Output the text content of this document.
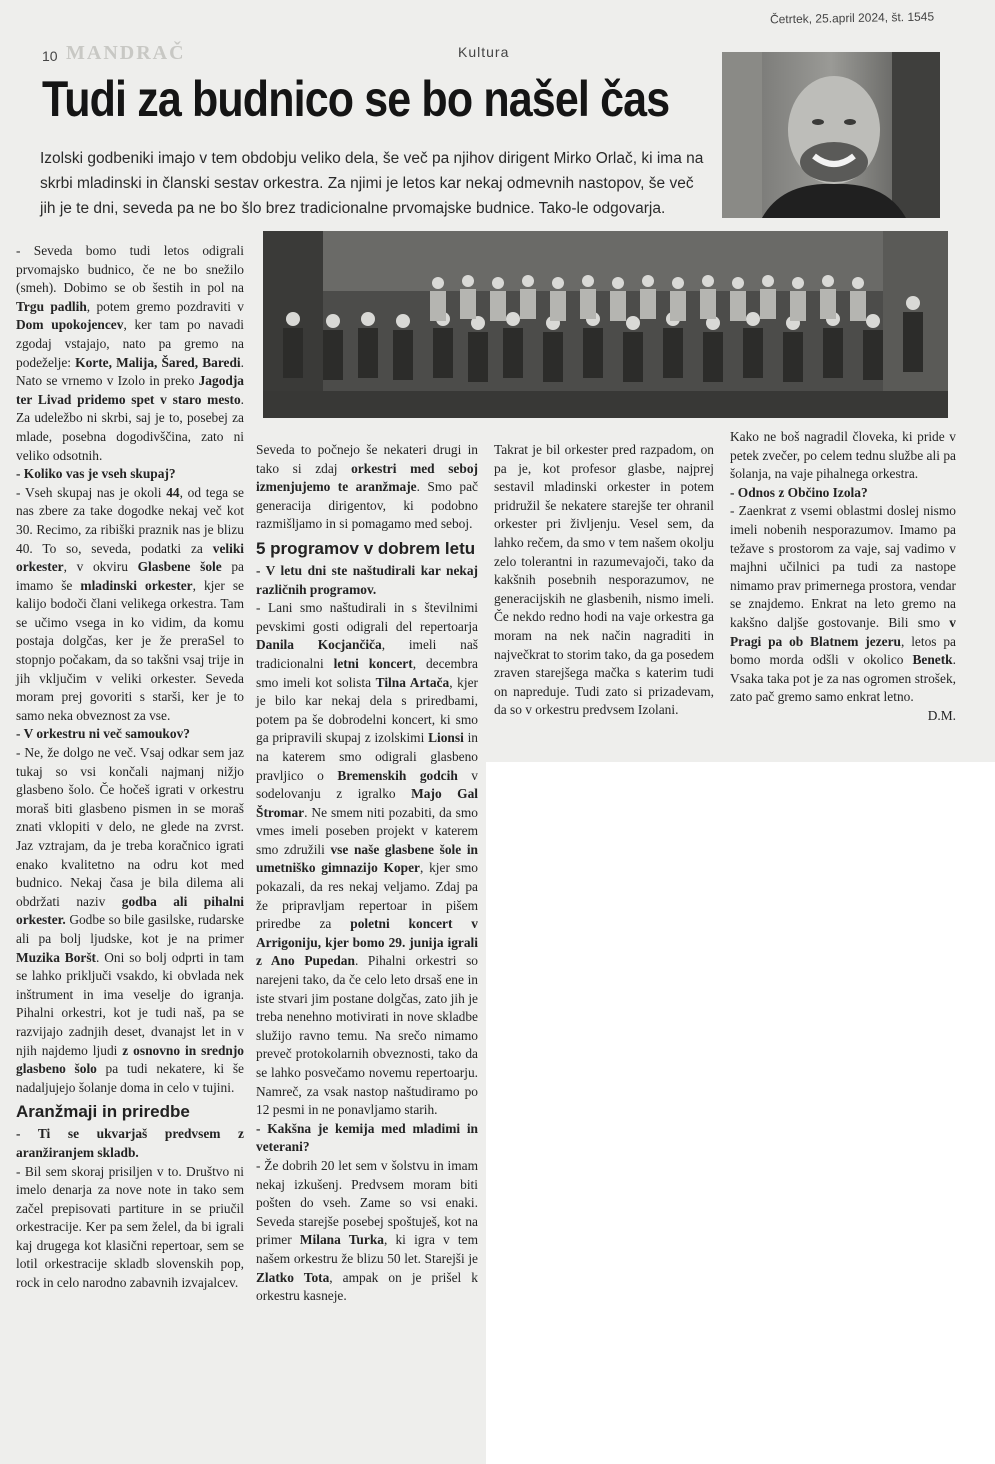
10 MANDRAČ	Kultura
Četrtek, 25.april 2024, št. 1545
Tudi za budnico se bo našel čas
Izolski godbeniki imajo v tem obdobju veliko dela, še več pa njihov dirigent Mirko Orlač, ki ima na skrbi mladinski in članski sestav orkestra. Za njimi je letos kar nekaj odmevnih nastopov, še več jih je te dni, seveda pa ne bo šlo brez tradicionalne prvomajske budnice. Tako-le odgovarja.

- Seveda bomo tudi letos odigrali prvomajsko budnico, če ne bo snežilo (smeh). Dobimo se ob šestih in pol na Trgu padlih, potem gremo pozdraviti v Dom upokojencev, ker tam po navadi zgodaj vstajajo, nato pa gremo na podeželje: Korte, Malija, Šared, Baredi. Nato se vrnemo v Izolo in preko Jagodja ter Livad pridemo spet v staro mesto. Za udeležbo ni skrbi, saj je to, posebej za mlade, posebna dogodivščina, zato ni veliko odsotnih.

- Koliko vas je vseh skupaj?

- Vseh skupaj nas je okoli 44, od tega se nas zbere za take dogodke nekaj več kot 30. Recimo, za ribiški praznik nas je blizu 40. To so, seveda, podatki za veliki orkester, v okviru Glasbene šole pa imamo še mladinski orkester, kjer se kalijo bodoči člani velikega orkestra. Tam se učimo vsega in ko vidim, da komu postaja dolgčas, ker je že preraSel to stopnjo počakam, da so takšni vsaj trije in jih vključim v veliki orkester. Seveda moram prej govoriti s starši, ker je to samo neka obveznost za vse.

- V orkestru ni več samoukov?

- Ne, že dolgo ne več. Vsaj odkar sem jaz tukaj so vsi končali najmanj nižjo glasbeno šolo. Če hočeš igrati v orkestru moraš biti glasbeno pismen in se moraš znati vklopiti v delo, ne glede na zvrst. Jaz vztrajam, da je treba koračnico igrati enako kvalitetno na odru kot med budnico. Nekaj časa je bila dilema ali obdržati naziv godba ali pihalni orkester. Godbe so bile gasilske, rudarske ali pa bolj ljudske, kot je na primer Muzika Boršt. Oni so bolj odprti in tam se lahko priključi vsakdo, ki obvlada nek inštrument in ima veselje do igranja. Pihalni orkestri, kot je tudi naš, pa se razvijajo zadnjih deset, dvanajst let in v njih najdemo ljudi z osnovno in srednjo glasbeno šolo pa tudi nekatere, ki še nadaljujejo šolanje doma in celo v tujini.

Aranžmaji in priredbe

- Ti se ukvarjaš predvsem z aranžiranjem skladb.

- Bil sem skoraj prisiljen v to. Društvo ni imelo denarja za nove note in tako sem začel prepisovati partiture in se priučil orkestracije. Ker pa sem želel, da bi igrali kaj drugega kot klasični repertoar, sem se lotil orkestracije skladb slovenskih pop, rock in celo narodno zabavnih izvajalcev.

Seveda to počnejo še nekateri drugi in tako si zdaj orkestri med seboj izmenjujemo te aranžmaje. Smo pač generacija dirigentov, ki podobno razmišljamo in si pomagamo med seboj.

5 programov v dobrem letu

- V letu dni ste naštudirali kar nekaj različnih programov.

- Lani smo naštudirali in s številnimi pevskimi gosti odigrali del repertoarja Danila Kocjančiča, imeli naš tradicionalni letni koncert, decembra smo imeli kot solista Tilna Artača, kjer je bilo kar nekaj dela s priredbami, potem pa še dobrodelni koncert, ki smo ga pripravili skupaj z izolskimi Lionsi in na katerem smo odigrali glasbeno pravljico o Bremenskih godcih v sodelovanju z igralko Majo Gal Štromar. Ne smem niti pozabiti, da smo vmes imeli poseben projekt v katerem smo združili vse naše glasbene šole in umetniško gimnazijo Koper, kjer smo pokazali, da res nekaj veljamo. Zdaj pa že pripravljam repertoar in pišem priredbe za poletni koncert v Arrigoniju, kjer bomo 29. junija igrali z Ano Pupedan. Pihalni orkestri so narejeni tako, da če celo leto drsaš ene in iste stvari jim postane dolgčas, zato jih je treba nenehno motivirati in nove skladbe služijo ravno temu. Na srečo nimamo preveč protokolarnih obveznosti, tako da se lahko posvečamo novemu repertoarju. Namreč, za vsak nastop naštudiramo po 12 pesmi in ne ponavljamo starih.

- Kakšna je kemija med mladimi in veterani?

- Že dobrih 20 let sem v šolstvu in imam nekaj izkušenj. Predvsem moram biti pošten do vseh. Zame so vsi enaki. Seveda starejše posebej spoštuješ, kot na primer Milana Turka, ki igra v tem našem orkestru že blizu 50 let. Starejši je Zlatko Tota, ampak on je prišel k orkestru kasneje.

Takrat je bil orkester pred razpadom, on pa je, kot profesor glasbe, najprej sestavil mladinski orkester in potem pridružil še nekatere starejše ter ohranil orkester pri življenju. Vesel sem, da lahko rečem, da smo v tem našem okolju zelo tolerantni in razumevajoči, tako da kakšnih posebnih nesporazumov, ne generacijskih ne glasbenih, nismo imeli. Če nekdo redno hodi na vaje orkestra ga moram na nek način nagraditi in največkrat to storim tako, da ga posedem zraven starejšega mačka s katerim tudi on napreduje. Tudi zato si prizadevam, da so v orkestru predvsem Izolani.

Kako ne boš nagradil človeka, ki pride v petek zvečer, po celem tednu službe ali pa šolanja, na vaje pihalnega orkestra.

- Odnos z Občino Izola?

- Zaenkrat z vsemi oblastmi doslej nismo imeli nobenih nesporazumov. Imamo pa težave s prostorom za vaje, saj vadimo v majhni učilnici pa tudi za nastope nimamo prav primernega prostora, vendar se znajdemo. Enkrat na leto gremo na kakšno daljše gostovanje. Bili smo v Pragi pa ob Blatnem jezeru, letos pa bomo morda odšli v okolico Benetk. Vsaka taka pot je za nas ogromen strošek, zato pač gremo samo enkrat letno.

D.M.
